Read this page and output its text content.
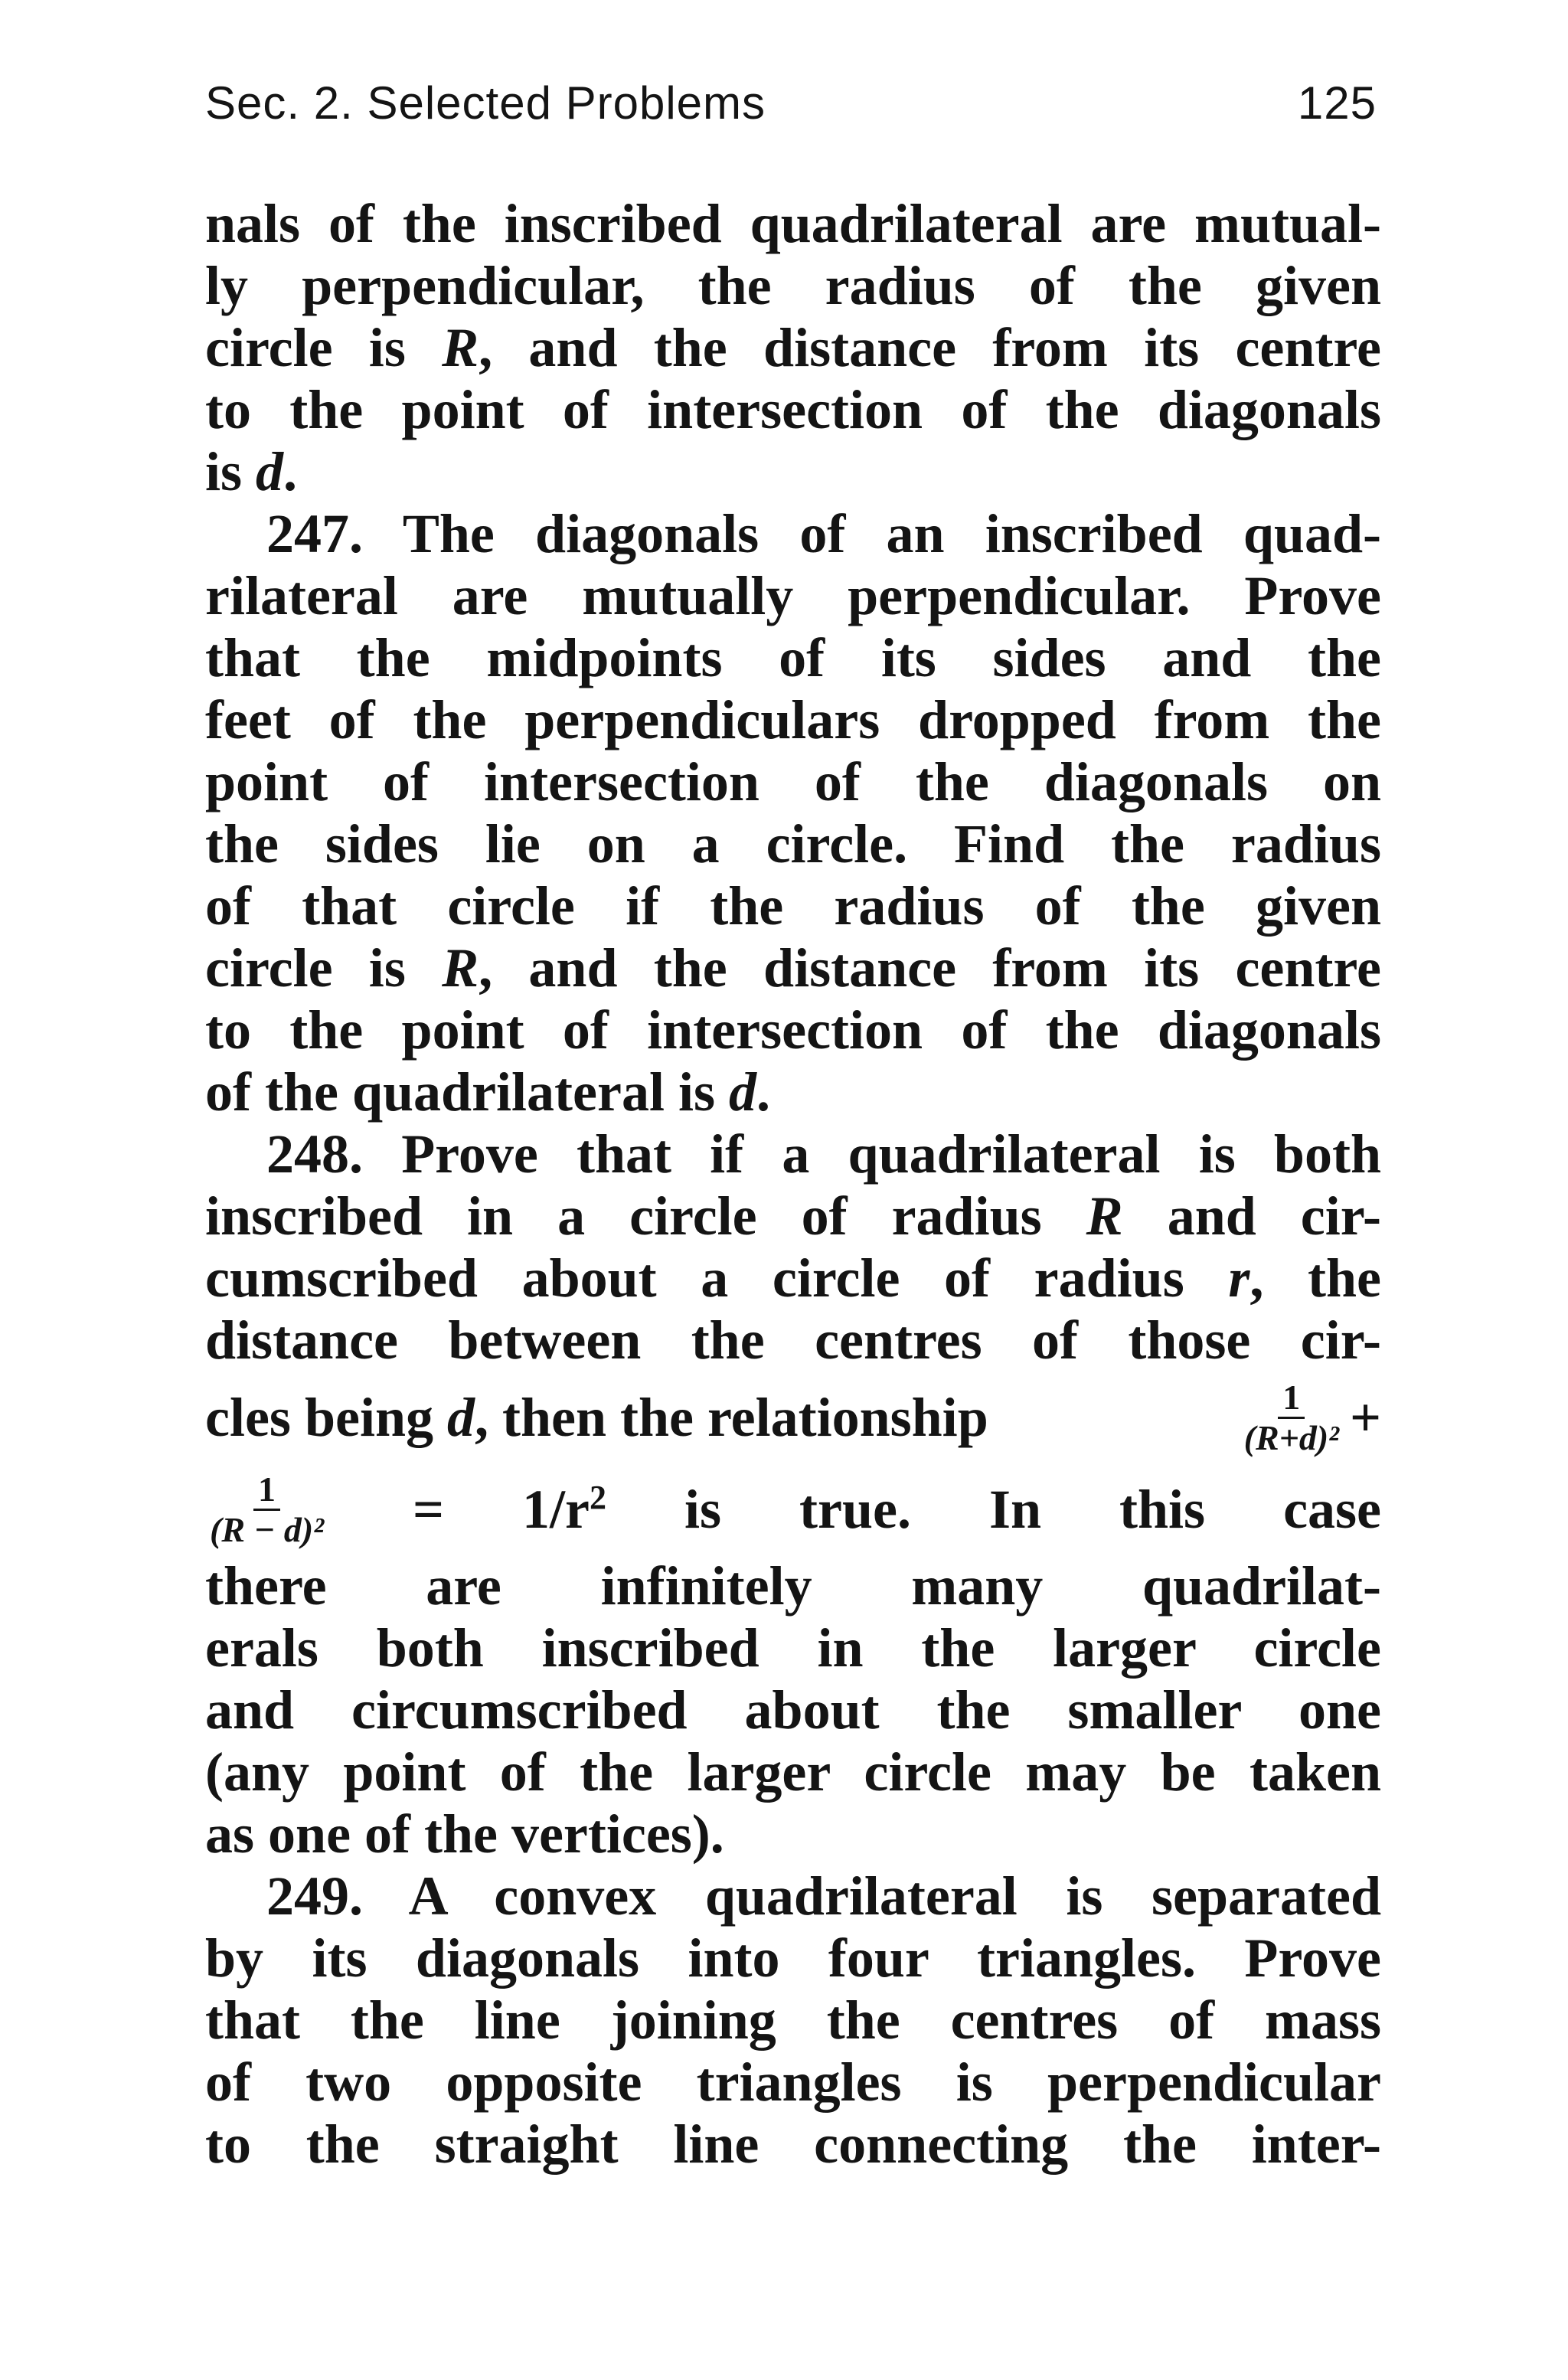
Sec. 2. Selected Problems	125
nals of the inscribed quadrilateral are mutual-
ly perpendicular, the radius of the given
circle is R, and the distance from its centre
to the point of intersection of the diagonals
is d.
247. The diagonals of an inscribed quad-
rilateral are mutually perpendicular. Prove
that the midpoints of its sides and the
feet of the perpendiculars dropped from the
point of intersection of the diagonals on
the sides lie on a circle. Find the radius
of that circle if the radius of the given
circle is R, and the distance from its centre
to the point of intersection of the diagonals
of the quadrilateral is d.
248. Prove that if a quadrilateral is both
inscribed in a circle of radius R and cir-
cumscribed about a circle of radius r, the
distance between the centres of those cir-
cles being d, then the relationship	$\frac{1}{\text{(R+d)²}}$ +
$\frac{1}{\text{(R − d)²}} = 1/r^2$ is true. In this case
there are infinitely many quadrilat-
erals both inscribed in the larger circle
and circumscribed about the smaller one
(any point of the larger circle may be taken
as one of the vertices).
249. A convex quadrilateral is separated
by its diagonals into four triangles. Prove
that the line joining the centres of mass
of two opposite triangles is perpendicular
to the straight line connecting the inter-
